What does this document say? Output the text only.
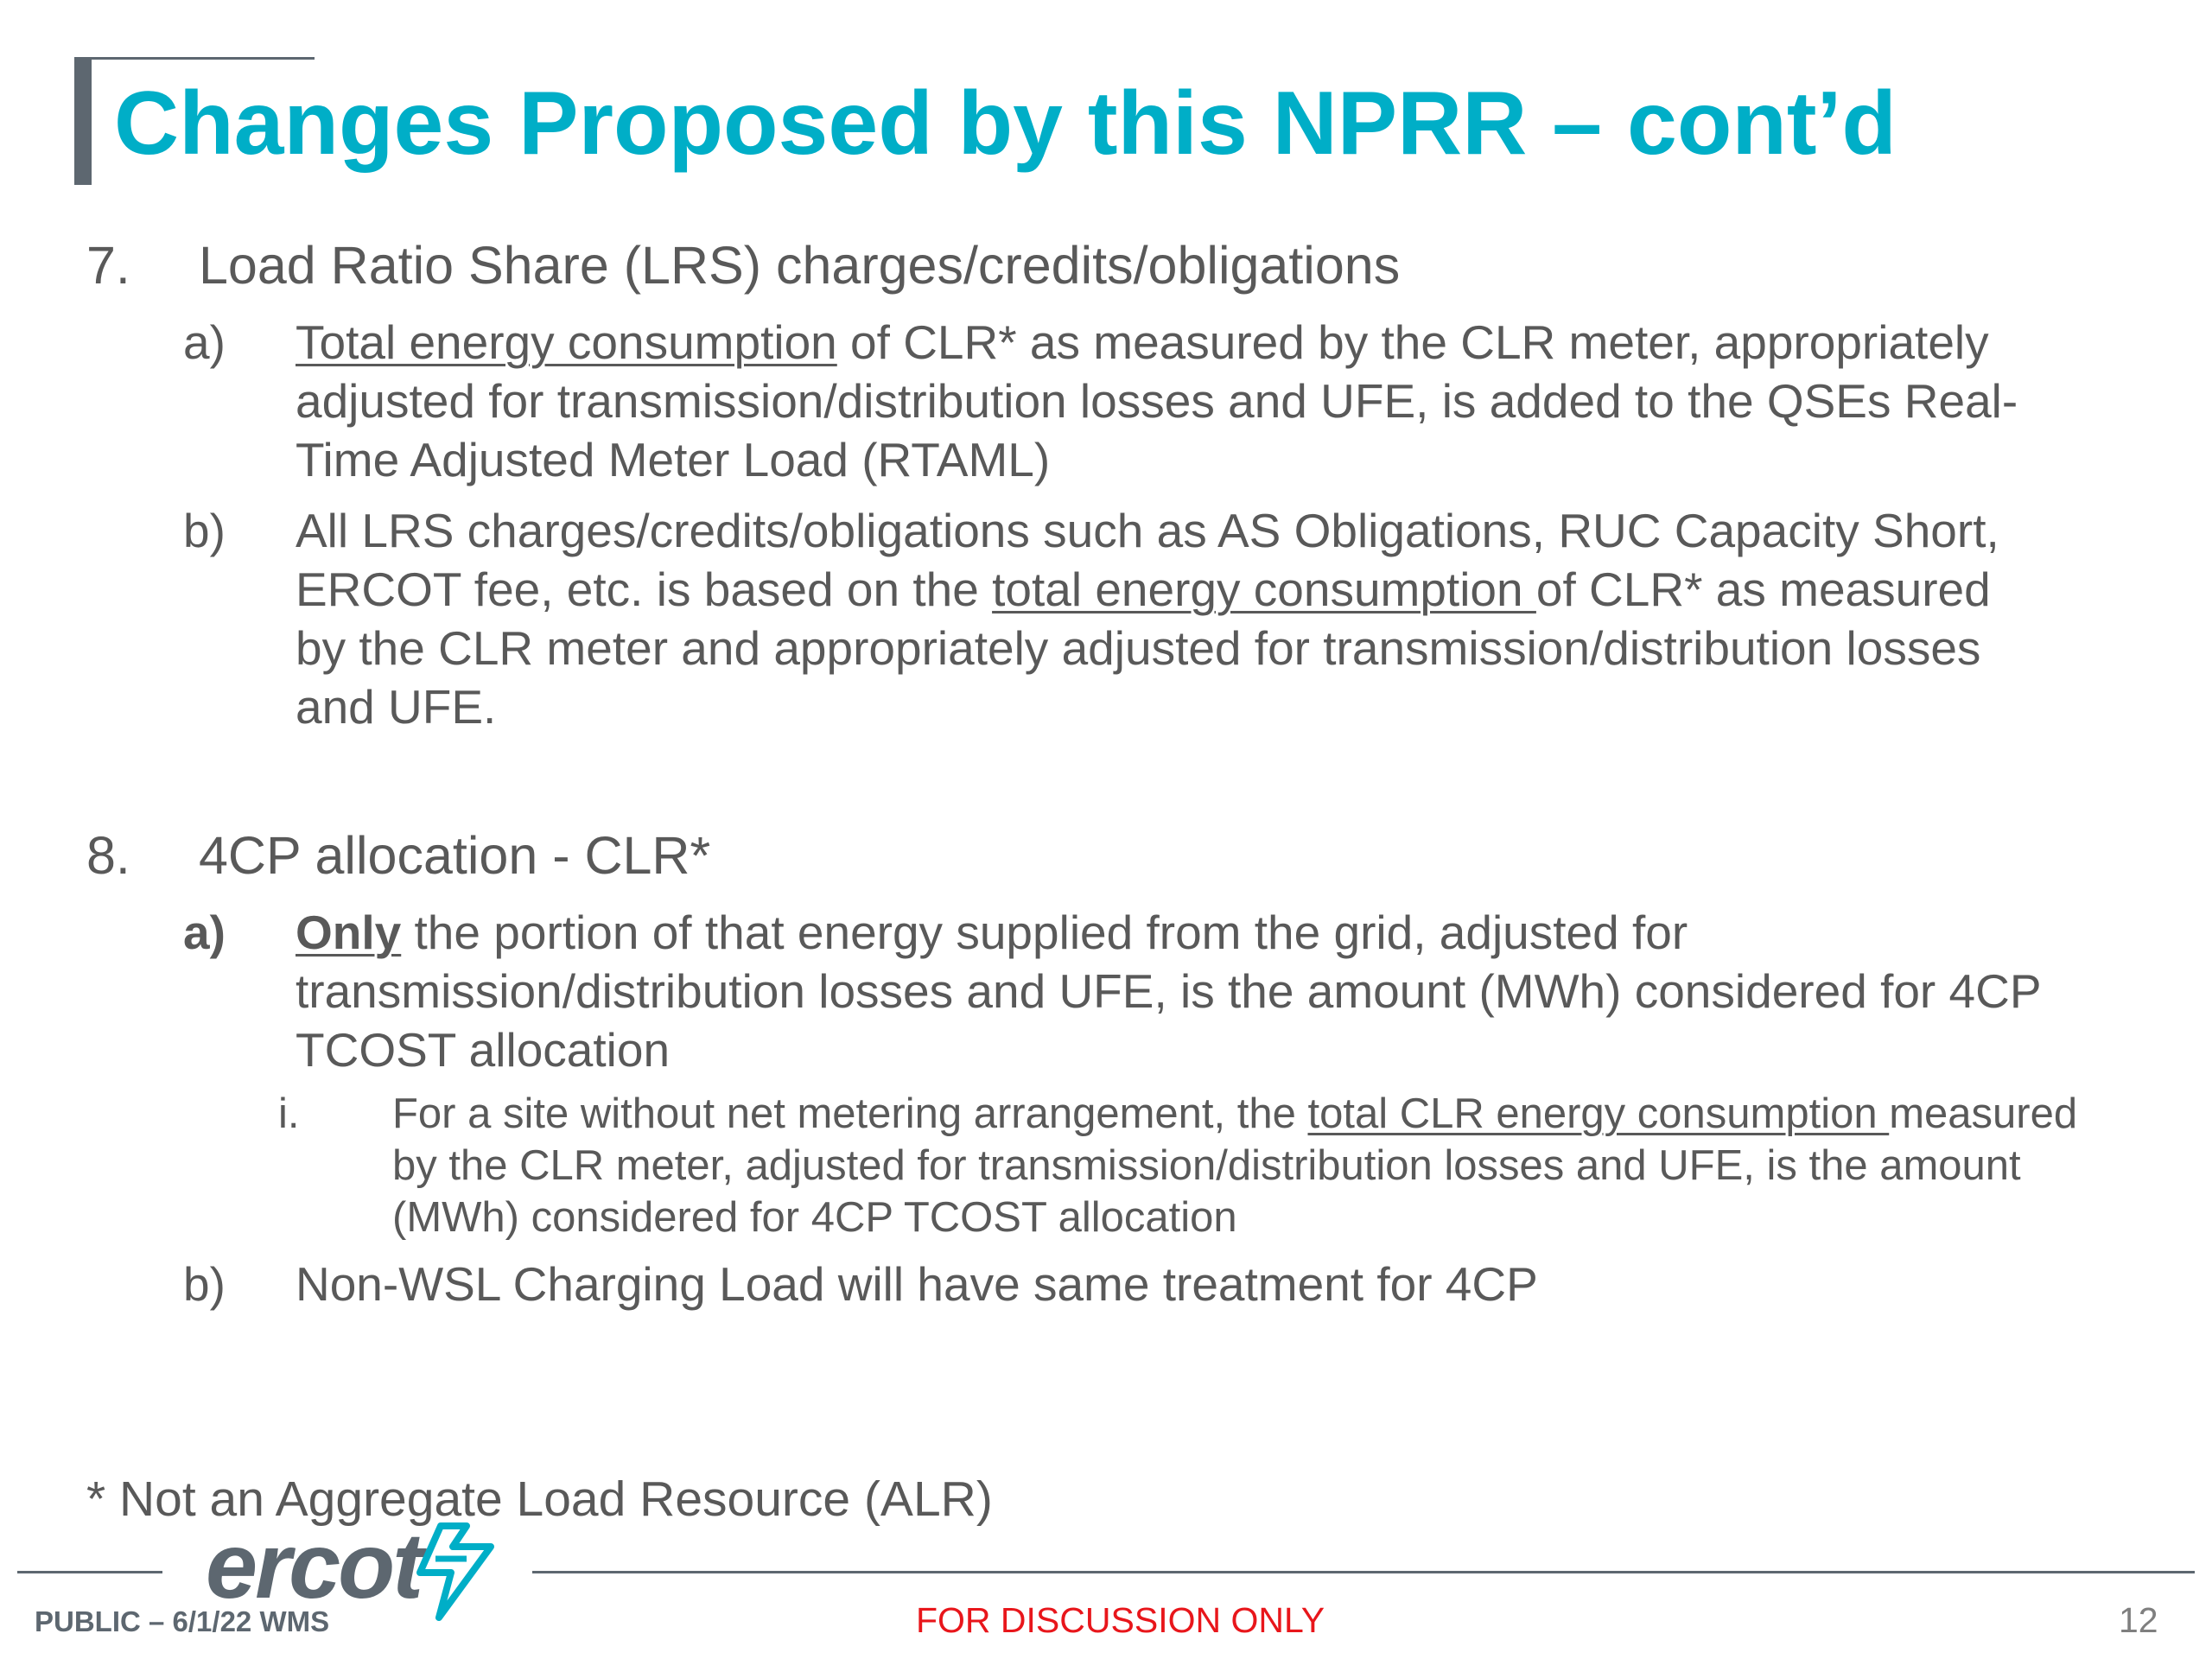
Changes Proposed by this NPRR – cont’d
7. Load Ratio Share (LRS) charges/credits/obligations
a) Total energy consumption of CLR* as measured by the CLR meter, appropriately
adjusted for transmission/distribution losses and UFE, is added to the QSEs Real-
Time Adjusted Meter Load (RTAML)
b) All LRS charges/credits/obligations such as AS Obligations, RUC Capacity Short,
ERCOT fee, etc. is based on the total energy consumption of CLR* as measured
by the CLR meter and appropriately adjusted for transmission/distribution losses
and UFE.
8. 4CP allocation - CLR*
a) Only the portion of that energy supplied from the grid, adjusted for
transmission/distribution losses and UFE, is the amount (MWh) considered for 4CP
TCOST allocation
i. For a site without net metering arrangement, the total CLR energy consumption measured
by the CLR meter, adjusted for transmission/distribution losses and UFE, is the amount
(MWh) considered for 4CP TCOST allocation
b) Non-WSL Charging Load will have same treatment for 4CP
* Not an Aggregate Load Resource (ALR)
ercot
PUBLIC – 6/1/22 WMS	FOR DISCUSSION ONLY	12
